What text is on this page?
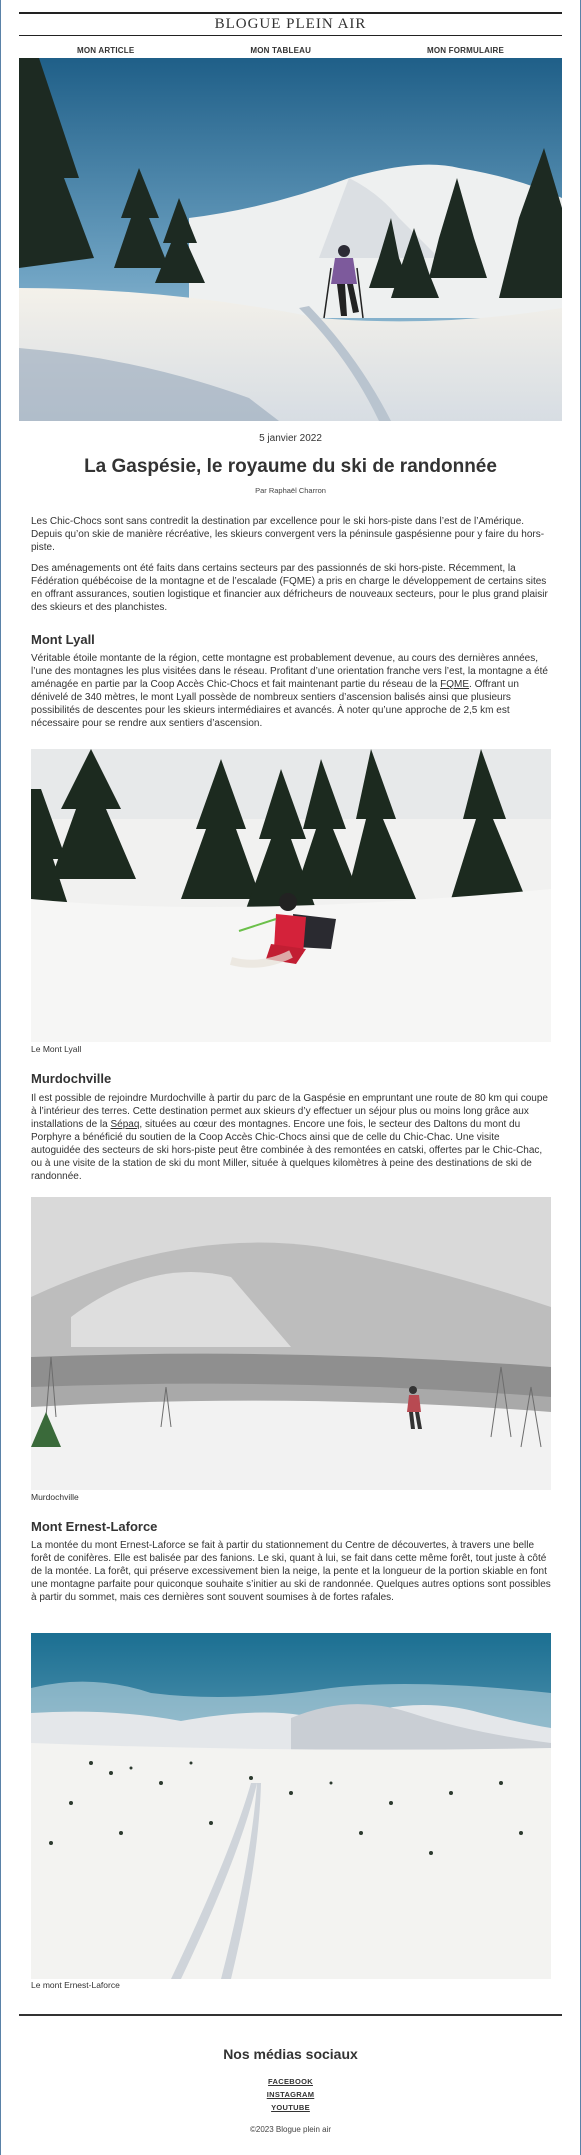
BLOGUE PLEIN AIR
MON ARTICLE	MON TABLEAU	MON FORMULAIRE
5 janvier 2022
La Gaspésie, le royaume du ski de randonnée
Par Raphaël Charron

Les Chic-Chocs sont sans contredit la destination par excellence pour le ski hors-piste dans l’est de l’Amérique. Depuis qu’on skie de manière récréative, les skieurs convergent vers la péninsule gaspésienne pour y faire du hors-piste.

Des aménagements ont été faits dans certains secteurs par des passionnés de ski hors-piste. Récemment, la Fédération québécoise de la montagne et de l’escalade (FQME) a pris en charge le développement de certains sites en offrant assurances, soutien logistique et financier aux défricheurs de nouveaux secteurs, pour le plus grand plaisir des skieurs et des planchistes.

Mont Lyall

Véritable étoile montante de la région, cette montagne est probablement devenue, au cours des dernières années, l’une des montagnes les plus visitées dans le réseau. Profitant d’une orientation franche vers l’est, la montagne a été aménagée en partie par la Coop Accès Chic-Chocs et fait maintenant partie du réseau de la FQME. Offrant un dénivelé de 340 mètres, le mont Lyall possède de nombreux sentiers d’ascension balisés ainsi que plusieurs possibilités de descentes pour les skieurs intermédiaires et avancés. À noter qu’une approche de 2,5 km est nécessaire pour se rendre aux sentiers d’ascension.

Le Mont Lyall
Murdochville

Il est possible de rejoindre Murdochville à partir du parc de la Gaspésie en empruntant une route de 80 km qui coupe à l’intérieur des terres. Cette destination permet aux skieurs d’y effectuer un séjour plus ou moins long grâce aux installations de la Sépaq, situées au cœur des montagnes. Encore une fois, le secteur des Daltons du mont du Porphyre a bénéficié du soutien de la Coop Accès Chic-Chocs ainsi que de celle du Chic-Chac. Une visite autoguidée des secteurs de ski hors-piste peut être combinée à des remontées en catski, offertes par le Chic-Chac, ou à une visite de la station de ski du mont Miller, située à quelques kilomètres à peine des destinations de ski de randonnée.

Murdochville
Mont Ernest-Laforce

La montée du mont Ernest-Laforce se fait à partir du stationnement du Centre de découvertes, à travers une belle forêt de conifères. Elle est balisée par des fanions. Le ski, quant à lui, se fait dans cette même forêt, tout juste à côté de la montée. La forêt, qui préserve excessivement bien la neige, la pente et la longueur de la portion skiable en font une montagne parfaite pour quiconque souhaite s’initier au ski de randonnée. Quelques autres options sont possibles à partir du sommet, mais ces dernières sont souvent soumises à de fortes rafales.

Le mont Ernest-Laforce
Nos médias sociaux
FACEBOOK
INSTAGRAM
YOUTUBE
©2023 Blogue plein air
